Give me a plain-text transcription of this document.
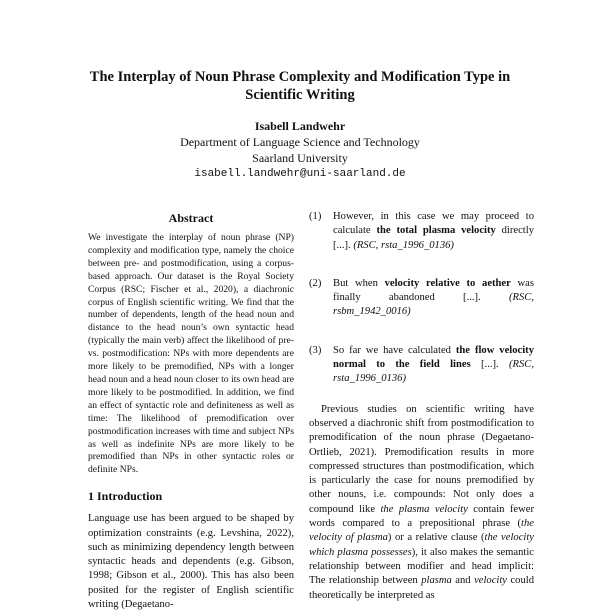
The Interplay of Noun Phrase Complexity and Modification Type in Scientific Writing
Isabell Landwehr
Department of Language Science and Technology
Saarland University
isabell.landwehr@uni-saarland.de
Abstract
We investigate the interplay of noun phrase (NP) complexity and modification type, namely the choice between pre- and postmodification, using a corpus-based approach. Our dataset is the Royal Society Corpus (RSC; Fischer et al., 2020), a diachronic corpus of English scientific writing. We find that the number of dependents, length of the head noun and distance to the head noun’s own syntactic head (typically the main verb) affect the likelihood of pre- vs. postmodification: NPs with more dependents are more likely to be premodified, NPs with a longer head noun and a head noun closer to its own head are more likely to be postmodified. In addition, we find an effect of syntactic role and definiteness as well as time: The likelihood of premodification over postmodification increases with time and subject NPs as well as indefinite NPs are more likely to be premodified than NPs in other syntactic roles or definite NPs.
1 Introduction
Language use has been argued to be shaped by optimization constraints (e.g. Levshina, 2022), such as minimizing dependency length between syntactic heads and dependents (e.g. Gibson, 1998; Gibson et al., 2000). This has also been posited for the register of English scientific writing (Degaetano-
(1)	However, in this case we may proceed to calculate the total plasma velocity directly [...]. (RSC, rsta_1996_0136)
(2)	But when velocity relative to aether was finally abandoned [...].	(RSC, rsbm_1942_0016)
(3)	So far we have calculated the flow velocity normal to the field lines [...]. (RSC, rsta_1996_0136)
Previous studies on scientific writing have observed a diachronic shift from postmodification to premodification of the noun phrase (Degaetano-Ortlieb, 2021). Premodification results in more compressed structures than postmodification, which is particularly the case for nouns premodified by other nouns, i.e. compounds: Not only does a compound like the plasma velocity contain fewer words compared to a prepositional phrase (the velocity of plasma) or a relative clause (the velocity which plasma possesses), it also makes the semantic relationship between modifier and head implicit: The relationship between plasma and velocity could theoretically be interpreted as
